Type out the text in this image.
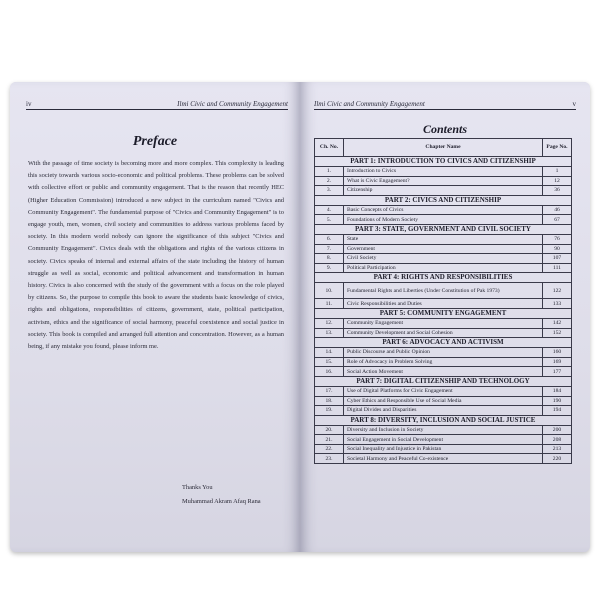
iv	Ilmi Civic and Community Engagement
Preface

With the passage of time society is becoming more and more complex. This complexity is leading this society towards various socio-economic and political problems. These problems can be solved with collective effort or public and community engagement. That is the reason that recently HEC (Higher Education Commission) introduced a new subject in the curriculum named "Civics and Community Engagement". The fundamental purpose of "Civics and Community Engagement" is to engage youth, men, women, civil society and communities to address various problems faced by society. In this modern world nobody can ignore the significance of this subject "Civics and Community Engagement". Civics deals with the obligations and rights of the various citizens in society. Civics speaks of internal and external affairs of the state including the history of human struggle as well as social, economic and political advancement and transformation in human history. Civics is also concerned with the study of the government with a focus on the role played by citizens. So, the purpose to compile this book to aware the students basic knowledge of civics, rights and obligations, responsibilities of citizens, government, state, political participation, activism, ethics and the significance of social harmony, peaceful coexistence and social justice in society. This book is compiled and arranged full attention and concentration. However, as a human being, if any mistake you found, please inform me.

Thanks You
Muhammad Akram Afaq Rana
Ilmi Civic and Community Engagement	v
Contents
Ch. No.	Chapter Name	Page No.
PART 1: INTRODUCTION TO CIVICS AND CITIZENSHIP		
1.	Introduction to Civics	1
2.	What is Civic Engagement?	12
3.	Citizenship	36
PART 2: CIVICS AND CITIZENSHIP		
4.	Basic Concepts of Civics	46
5.	Foundations of Modern Society	67
PART 3: STATE, GOVERNMENT AND CIVIL SOCIETY		
6.	State	76
7.	Government	90
8.	Civil Society	107
9.	Political Participation	111
PART 4: RIGHTS AND RESPONSIBILITIES		
10.	Fundamental Rights and Liberties (Under Constitution of Pak 1973)	122
11.	Civic Responsibilities and Duties	133
PART 5: COMMUNITY ENGAGEMENT		
12.	Community Engagement	142
13.	Community Development and Social Cohesion	152
PART 6: ADVOCACY AND ACTIVISM		
14.	Public Discourse and Public Opinion	160
15.	Role of Advocacy in Problem Solving	169
16.	Social Action Movement	177
PART 7: DIGITAL CITIZENSHIP AND TECHNOLOGY		
17.	Use of Digital Platforms for Civic Engagement	184
18.	Cyber Ethics and Responsible Use of Social Media	190
19.	Digital Divides and Disparities	194
PART 8: DIVERSITY, INCLUSION AND SOCIAL JUSTICE		
20.	Diversity and Inclusion in Society	200
21.	Social Engagement in Social Development	208
22.	Social Inequality and Injustice in Pakistan	213
23.	Societal Harmony and Peaceful Co-existence	220
